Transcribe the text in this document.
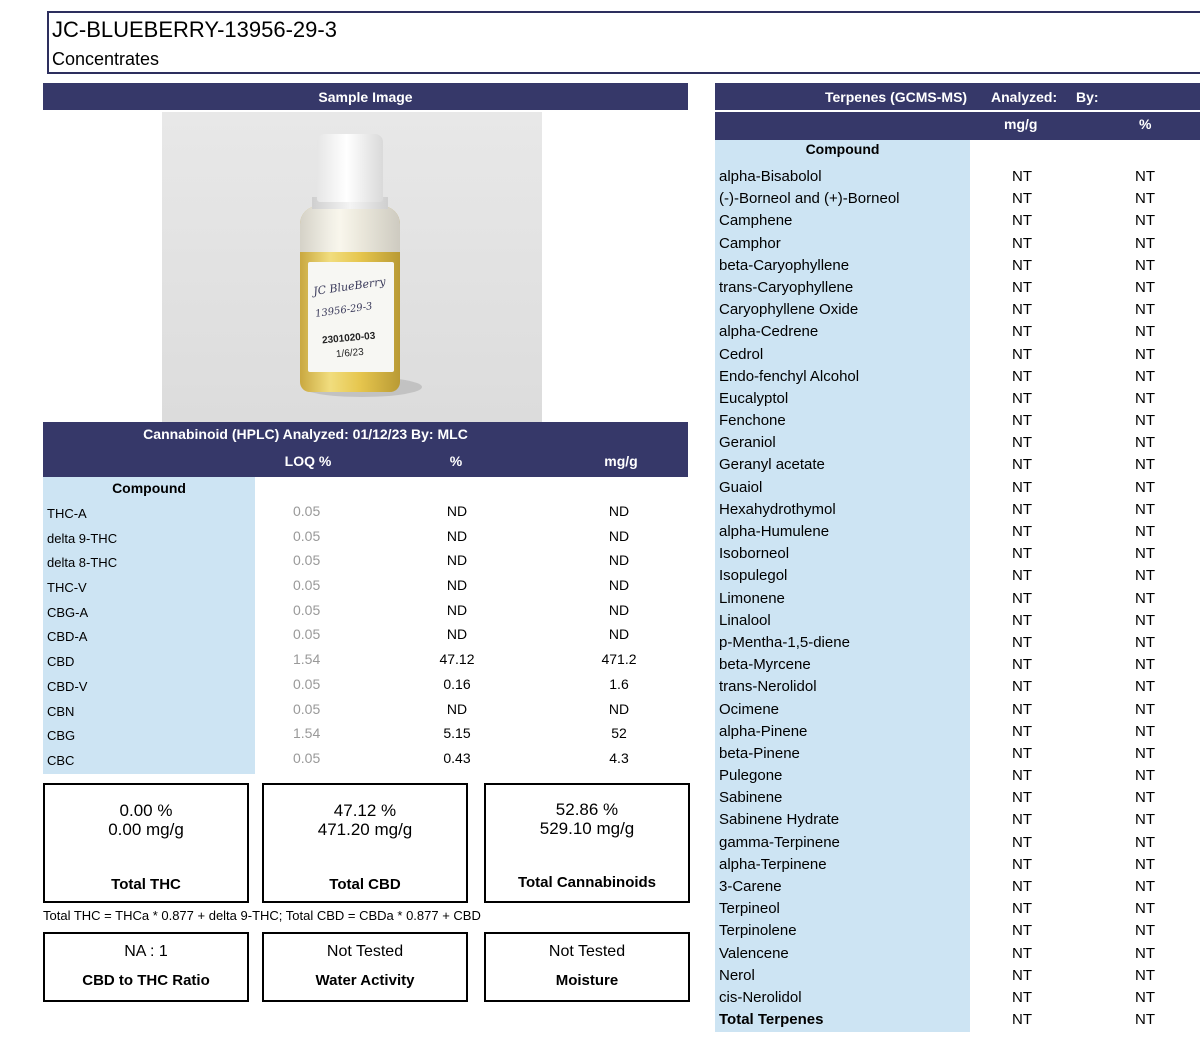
JC-BLUEBERRY-13956-29-3
Concentrates
Sample Image
JC BlueBerry
13956-29-3
2301020-03
1/6/23
Cannabinoid (HPLC) Analyzed: 01/12/23 By: MLC
LOQ %	%	mg/g
Compound
THC-A	0.05	ND	ND
delta 9-THC	0.05	ND	ND
delta 8-THC	0.05	ND	ND
THC-V	0.05	ND	ND
CBG-A	0.05	ND	ND
CBD-A	0.05	ND	ND
CBD	1.54	47.12	471.2
CBD-V	0.05	0.16	1.6
CBN	0.05	ND	ND
CBG	1.54	5.15	52
CBC	0.05	0.43	4.3
0.00 %
0.00 mg/g
Total THC
47.12 %
471.20 mg/g
Total CBD
52.86 %
529.10 mg/g
Total Cannabinoids
Total THC = THCa * 0.877 + delta 9-THC; Total CBD = CBDa * 0.877 + CBD
NA : 1
CBD to THC Ratio
Not Tested
Water Activity
Not Tested
Moisture
Terpenes (GCMS-MS) Analyzed: By:
mg/g	%
Compound
alpha-Bisabolol	NT	NT
(-)-Borneol and (+)-Borneol	NT	NT
Camphene	NT	NT
Camphor	NT	NT
beta-Caryophyllene	NT	NT
trans-Caryophyllene	NT	NT
Caryophyllene Oxide	NT	NT
alpha-Cedrene	NT	NT
Cedrol	NT	NT
Endo-fenchyl Alcohol	NT	NT
Eucalyptol	NT	NT
Fenchone	NT	NT
Geraniol	NT	NT
Geranyl acetate	NT	NT
Guaiol	NT	NT
Hexahydrothymol	NT	NT
alpha-Humulene	NT	NT
Isoborneol	NT	NT
Isopulegol	NT	NT
Limonene	NT	NT
Linalool	NT	NT
p-Mentha-1,5-diene	NT	NT
beta-Myrcene	NT	NT
trans-Nerolidol	NT	NT
Ocimene	NT	NT
alpha-Pinene	NT	NT
beta-Pinene	NT	NT
Pulegone	NT	NT
Sabinene	NT	NT
Sabinene Hydrate	NT	NT
gamma-Terpinene	NT	NT
alpha-Terpinene	NT	NT
3-Carene	NT	NT
Terpineol	NT	NT
Terpinolene	NT	NT
Valencene	NT	NT
Nerol	NT	NT
cis-Nerolidol	NT	NT
Total Terpenes	NT	NT
